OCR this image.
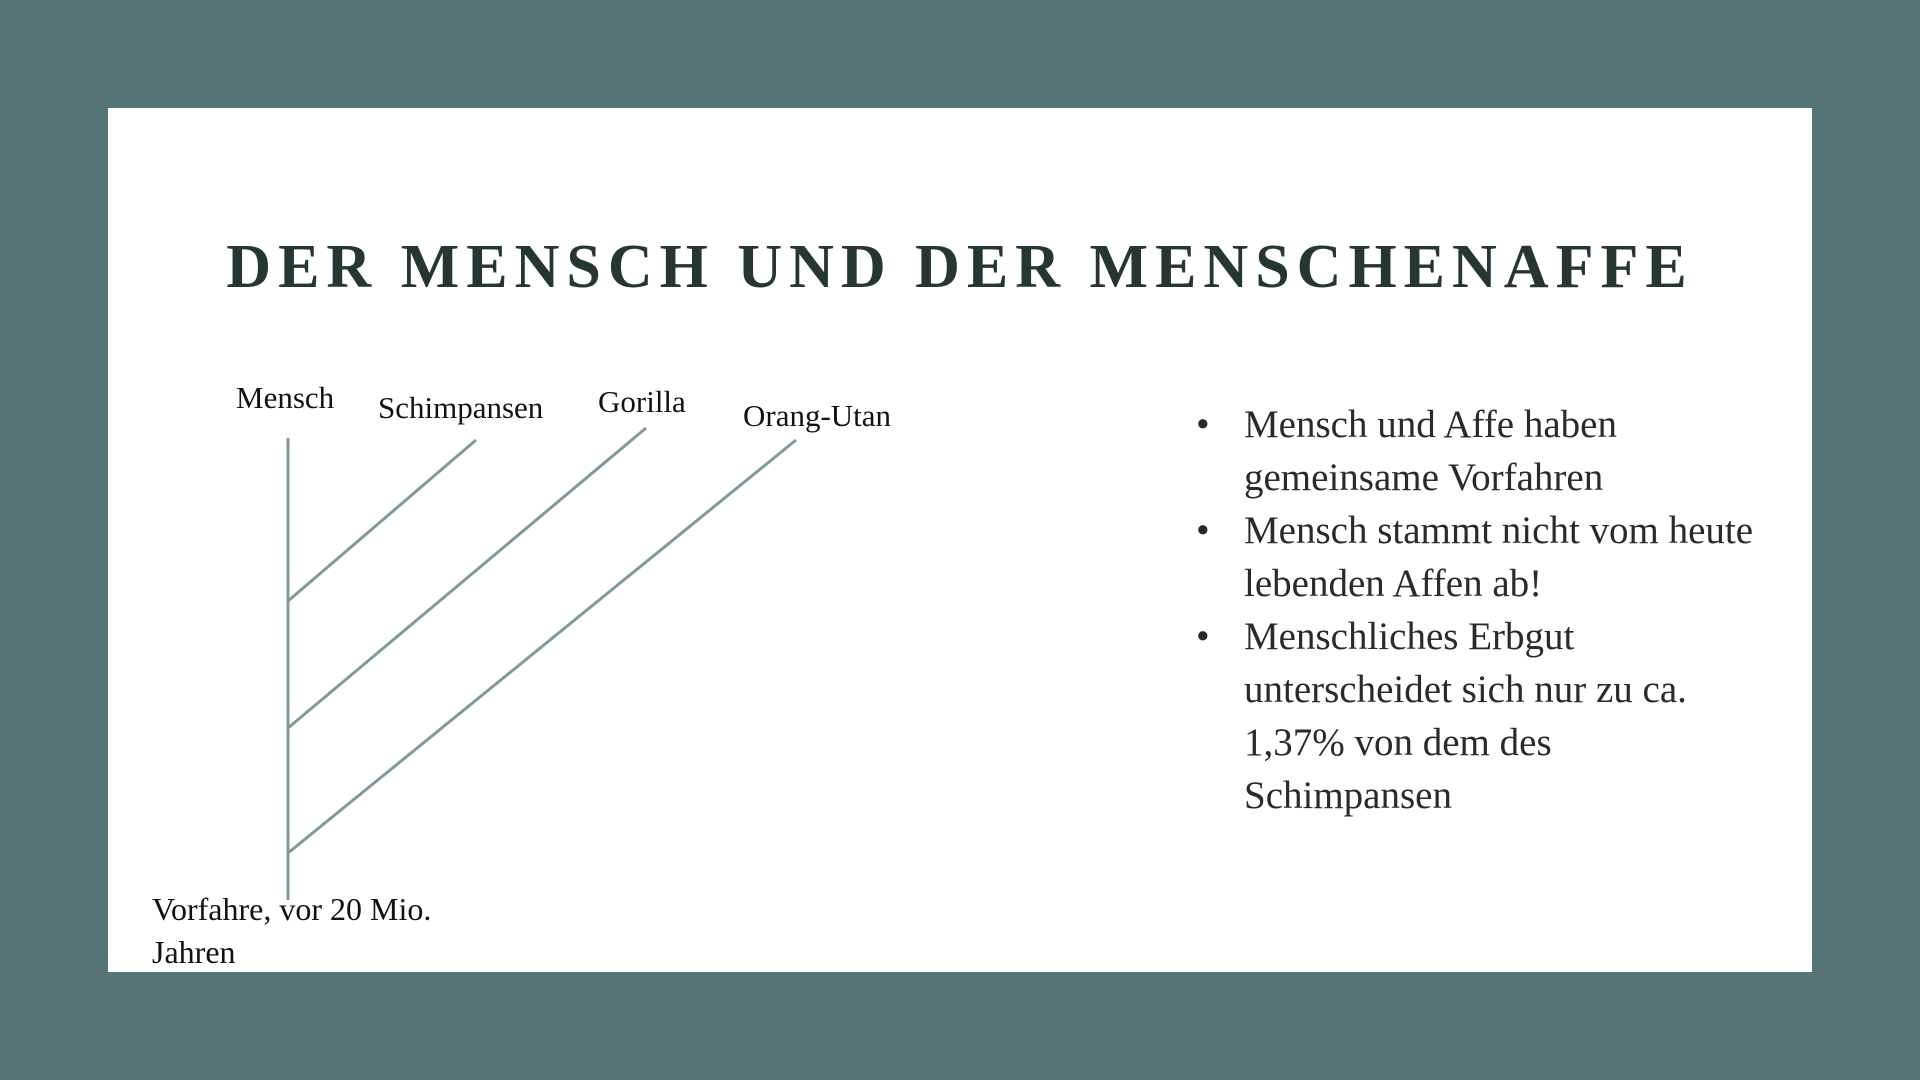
DER MENSCH UND DER MENSCHENAFFE
Mensch Schimpansen Gorilla Orang-Utan
Vorfahre, vor 20 Mio.
Jahren
• Mensch und Affe haben gemeinsame Vorfahren
• Mensch stammt nicht vom heute lebenden Affen ab!
• Menschliches Erbgut unterscheidet sich nur zu ca. 1,37% von dem des Schimpansen
